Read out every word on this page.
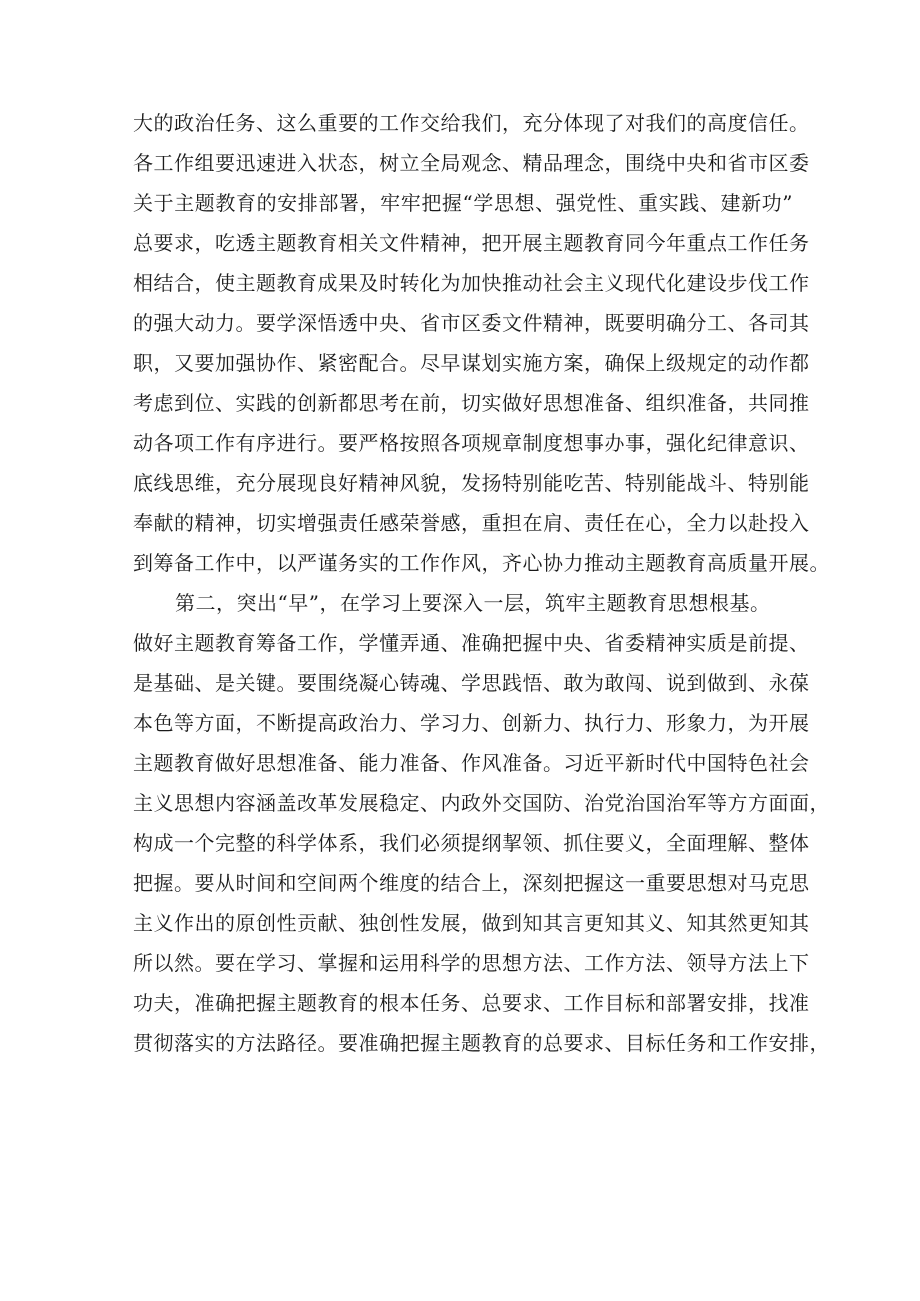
大的政治任务、这么重要的工作交给我们，充分体现了对我们的高度信任。
各工作组要迅速进入状态，树立全局观念、精品理念，围绕中央和省市区委
关于主题教育的安排部署，牢牢把握“学思想、强党性、重实践、建新功”
总要求，吃透主题教育相关文件精神，把开展主题教育同今年重点工作任务
相结合，使主题教育成果及时转化为加快推动社会主义现代化建设步伐工作
的强大动力。要学深悟透中央、省市区委文件精神，既要明确分工、各司其
职，又要加强协作、紧密配合。尽早谋划实施方案，确保上级规定的动作都
考虑到位、实践的创新都思考在前，切实做好思想准备、组织准备，共同推
动各项工作有序进行。要严格按照各项规章制度想事办事，强化纪律意识、
底线思维，充分展现良好精神风貌，发扬特别能吃苦、特别能战斗、特别能
奉献的精神，切实增强责任感荣誉感，重担在肩、责任在心，全力以赴投入
到筹备工作中，以严谨务实的工作作风，齐心协力推动主题教育高质量开展。
第二，突出“早”，在学习上要深入一层，筑牢主题教育思想根基。
做好主题教育筹备工作，学懂弄通、准确把握中央、省委精神实质是前提、
是基础、是关键。要围绕凝心铸魂、学思践悟、敢为敢闯、说到做到、永葆
本色等方面，不断提高政治力、学习力、创新力、执行力、形象力，为开展
主题教育做好思想准备、能力准备、作风准备。习近平新时代中国特色社会
主义思想内容涵盖改革发展稳定、内政外交国防、治党治国治军等方方面面，
构成一个完整的科学体系，我们必须提纲挈领、抓住要义，全面理解、整体
把握。要从时间和空间两个维度的结合上，深刻把握这一重要思想对马克思
主义作出的原创性贡献、独创性发展，做到知其言更知其义、知其然更知其
所以然。要在学习、掌握和运用科学的思想方法、工作方法、领导方法上下
功夫，准确把握主题教育的根本任务、总要求、工作目标和部署安排，找准
贯彻落实的方法路径。要准确把握主题教育的总要求、目标任务和工作安排，
